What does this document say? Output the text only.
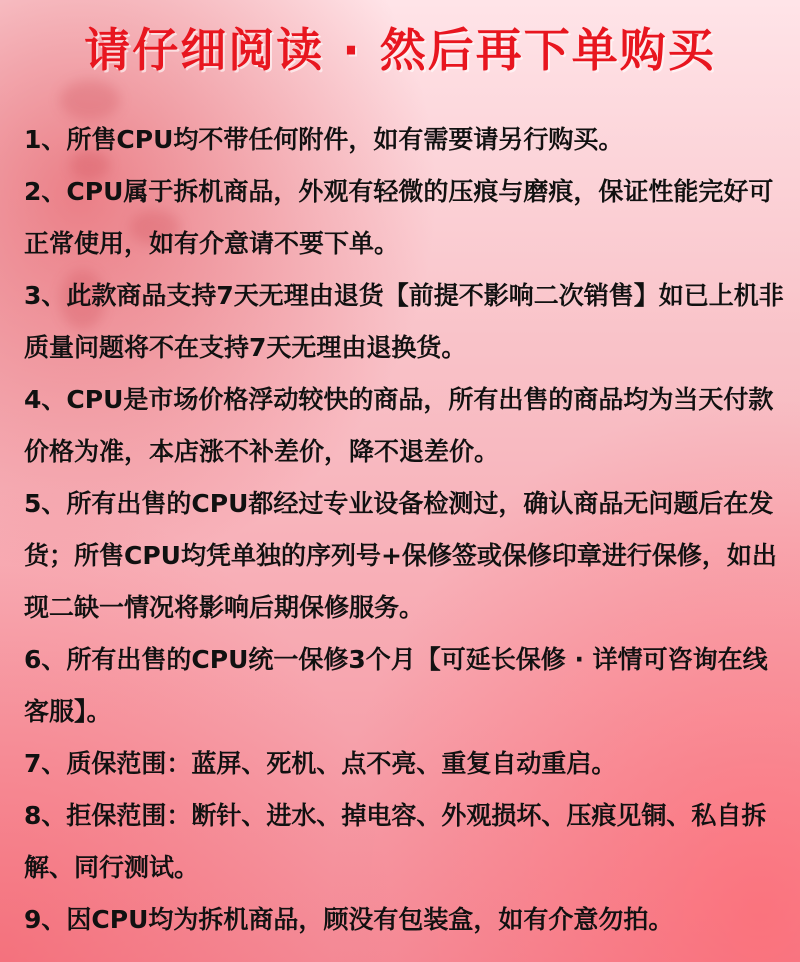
请仔细阅读 · 然后再下单购买
1、所售CPU均不带任何附件，如有需要请另行购买。
2、CPU属于拆机商品，外观有轻微的压痕与磨痕，保证性能完好可正常使用，如有介意请不要下单。
3、此款商品支持7天无理由退货【前提不影响二次销售】如已上机非质量问题将不在支持7天无理由退换货。
4、CPU是市场价格浮动较快的商品，所有出售的商品均为当天付款价格为准，本店涨不补差价，降不退差价。
5、所有出售的CPU都经过专业设备检测过，确认商品无问题后在发货；所售CPU均凭单独的序列号+保修签或保修印章进行保修，如出现二缺一情况将影响后期保修服务。
6、所有出售的CPU统一保修3个月【可延长保修 · 详情可咨询在线客服】。
7、质保范围：蓝屏、死机、点不亮、重复自动重启。
8、拒保范围：断针、进水、掉电容、外观损坏、压痕见铜、私自拆解、同行测试。
9、因CPU均为拆机商品，顾没有包装盒，如有介意勿拍。
